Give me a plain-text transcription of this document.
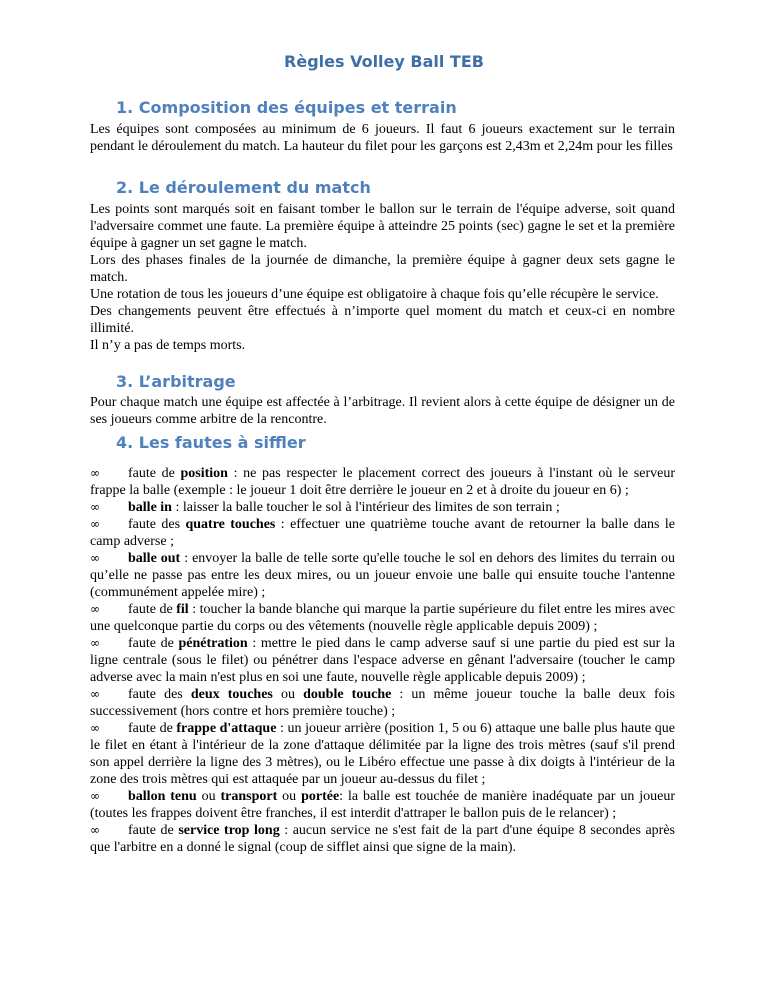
Règles Volley Ball TEB
1. Composition des équipes et terrain

Les équipes sont composées au minimum de 6 joueurs. Il faut 6 joueurs exactement sur le terrain pendant le déroulement du match. La hauteur du filet pour les garçons est 2,43m et 2,24m pour les filles

2. Le déroulement du match

Les points sont marqués soit en faisant tomber le ballon sur le terrain de l'équipe adverse, soit quand l'adversaire commet une faute. La première équipe à atteindre 25 points (sec) gagne le set et la première équipe à gagner un set gagne le match.

Lors des phases finales de la journée de dimanche, la première équipe à gagner deux sets gagne le match.

Une rotation de tous les joueurs d’une équipe est obligatoire à chaque fois qu’elle récupère le service.

Des changements peuvent être effectués à n’importe quel moment du match et ceux-ci en nombre illimité.

Il n’y a pas de temps morts.

3. L’arbitrage

Pour chaque match une équipe est affectée à l’arbitrage. Il revient alors à cette équipe de désigner un de ses joueurs comme arbitre de la rencontre.

4. Les fautes à siffler

∞ faute de position : ne pas respecter le placement correct des joueurs à l'instant où le serveur frappe la balle (exemple : le joueur 1 doit être derrière le joueur en 2 et à droite du joueur en 6) ;

∞ balle in : laisser la balle toucher le sol à l'intérieur des limites de son terrain ;

∞ faute des quatre touches : effectuer une quatrième touche avant de retourner la balle dans le camp adverse ;

∞ balle out : envoyer la balle de telle sorte qu'elle touche le sol en dehors des limites du terrain ou qu’elle ne passe pas entre les deux mires, ou un joueur envoie une balle qui ensuite touche l'antenne (communément appelée mire) ;

∞ faute de fil : toucher la bande blanche qui marque la partie supérieure du filet entre les mires avec une quelconque partie du corps ou des vêtements (nouvelle règle applicable depuis 2009) ;

∞ faute de pénétration : mettre le pied dans le camp adverse sauf si une partie du pied est sur la ligne centrale (sous le filet) ou pénétrer dans l'espace adverse en gênant l'adversaire (toucher le camp adverse avec la main n'est plus en soi une faute, nouvelle règle applicable depuis 2009) ;

∞ faute des deux touches ou double touche : un même joueur touche la balle deux fois successivement (hors contre et hors première touche) ;

∞ faute de frappe d'attaque : un joueur arrière (position 1, 5 ou 6) attaque une balle plus haute que le filet en étant à l'intérieur de la zone d'attaque délimitée par la ligne des trois mètres (sauf s'il prend son appel derrière la ligne des 3 mètres), ou le Libéro effectue une passe à dix doigts à l'intérieur de la zone des trois mètres qui est attaquée par un joueur au-dessus du filet ;

∞ ballon tenu ou transport ou portée: la balle est touchée de manière inadéquate par un joueur (toutes les frappes doivent être franches, il est interdit d'attraper le ballon puis de le relancer) ;

∞ faute de service trop long : aucun service ne s'est fait de la part d'une équipe 8 secondes après que l'arbitre en a donné le signal (coup de sifflet ainsi que signe de la main).
